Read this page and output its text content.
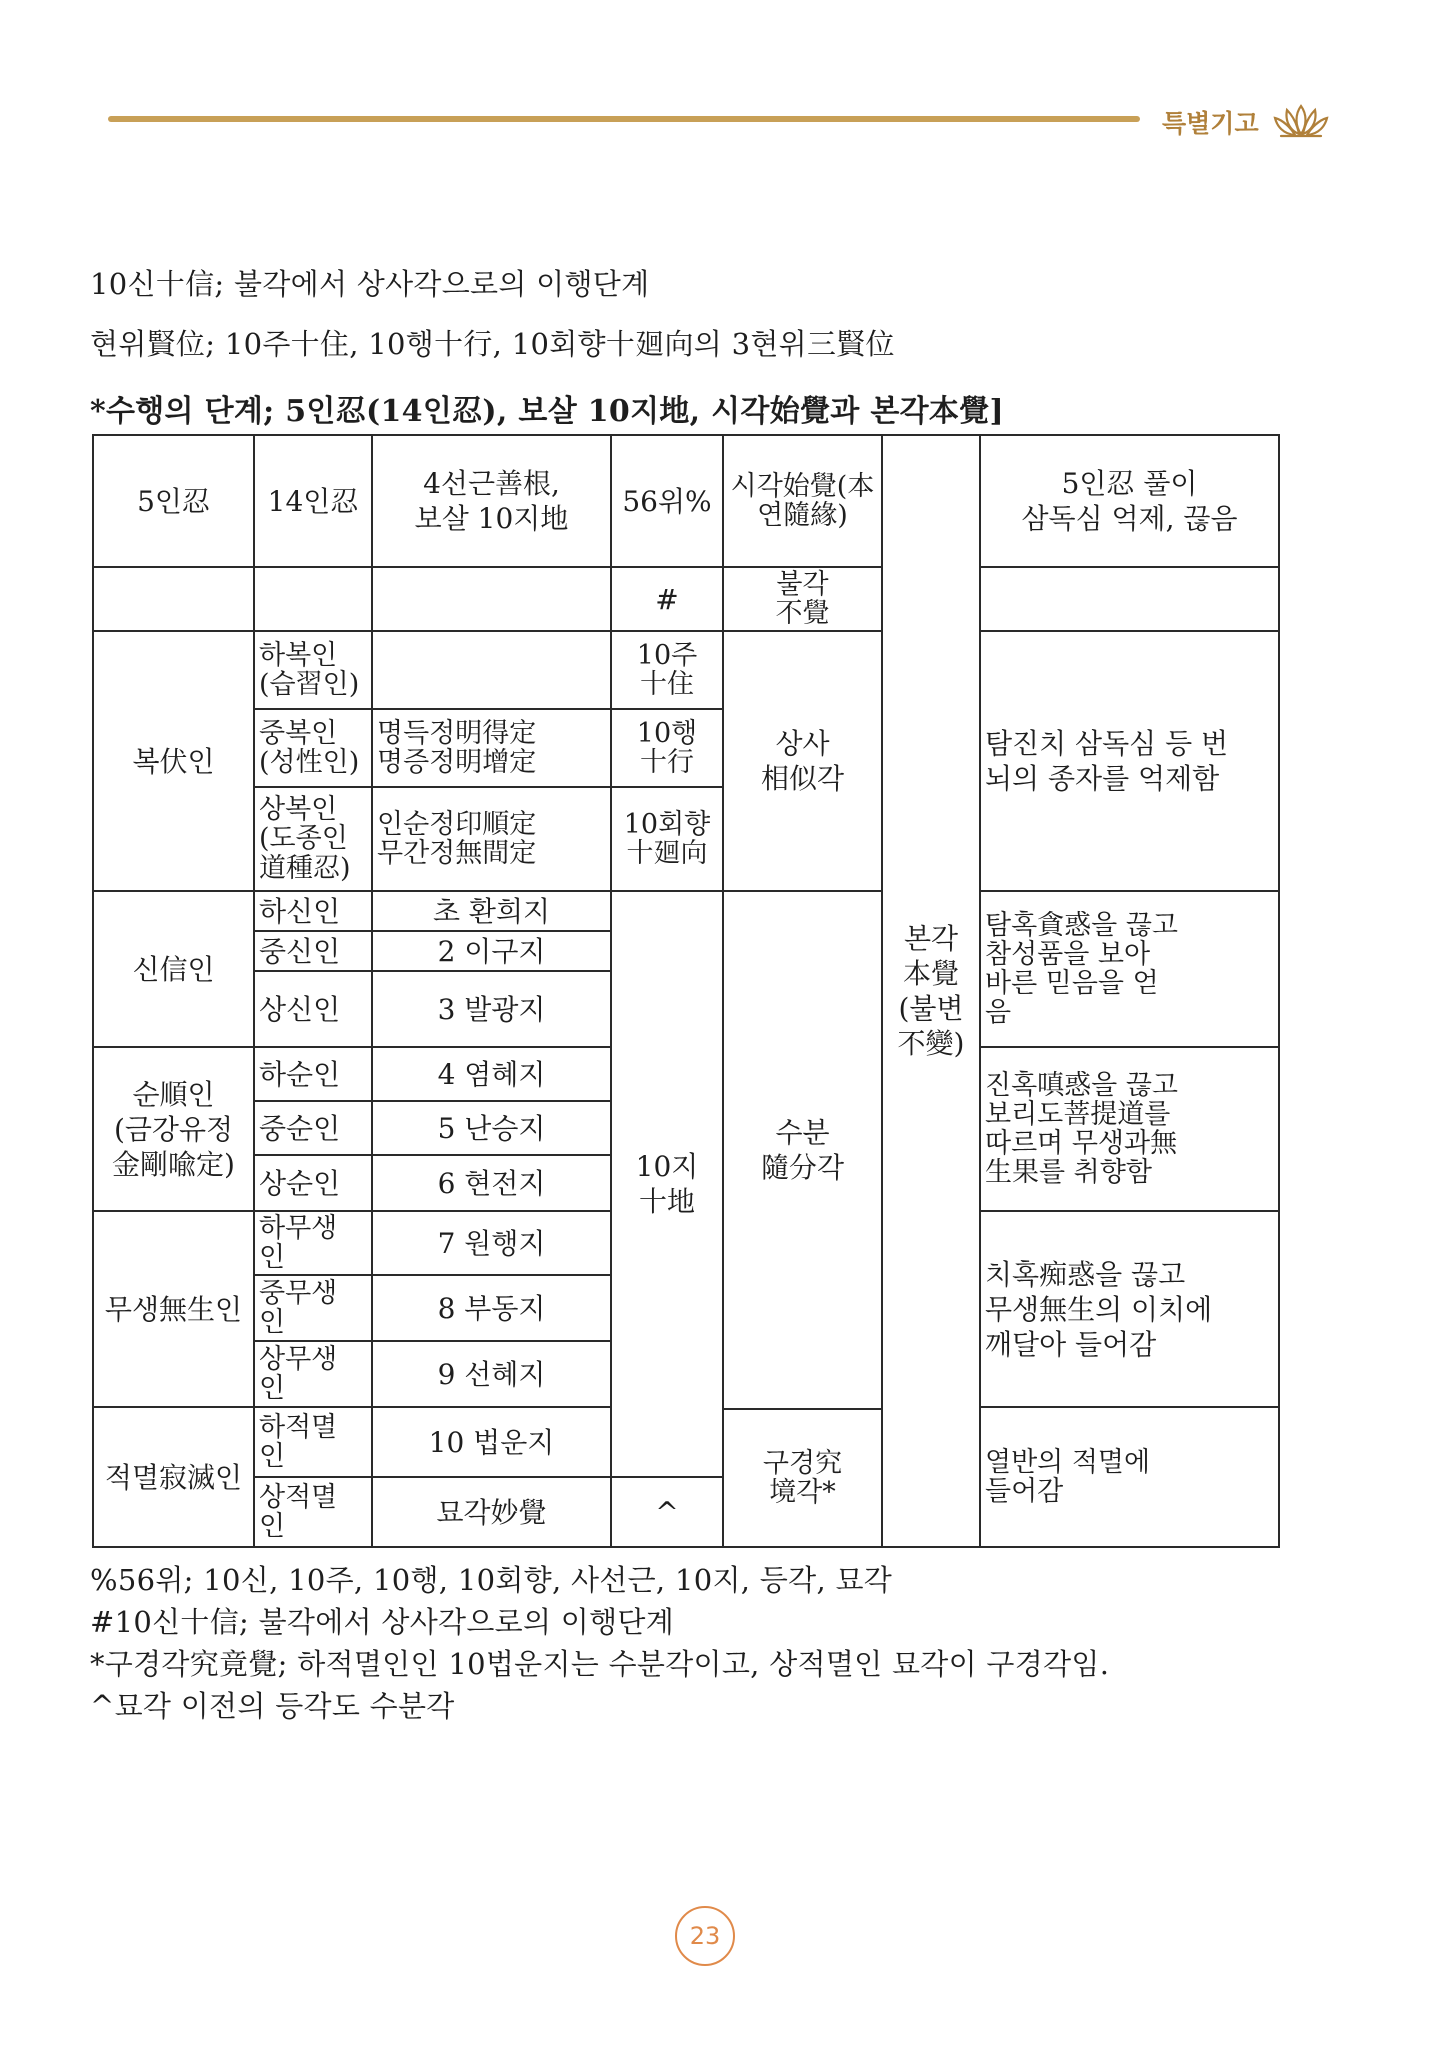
특별기고
10신十信; 불각에서 상사각으로의 이행단계
현위賢位; 10주十住, 10행十行, 10회향十廻向의 3현위三賢位
*수행의 단계; 5인忍(14인忍), 보살 10지地, 시각始覺과 본각本覺]
5인忍	14인忍
4선근善根,
보살 10지地
56위% 시각始覺(本
연隨緣)
5인忍 풀이
삼독심 억제, 끊음
#	불각
不覺
본각
本覺
(불변
不變)
복伏인
신信인
순順인
(금강유정
金剛喩定)
무생無生인
적멸寂滅인
하복인
(습習인)
중복인
(성性인)
상복인
(도종인
道種忍)
하신인
중신인
상신인
하순인
중순인
상순인
하무생
인
중무생
인
상무생
인
하적멸
인
상적멸
인
명득정明得定
명증정明增定
인순정印順定
무간정無間定
초 환희지
2 이구지
3 발광지
4 염혜지
5 난승지
6 현전지
7 원행지
8 부동지
9 선혜지
10 법운지
묘각妙覺
10주
十住
10행
十行
10회향
十廻向
10지
十地
^
상사
相似각
수분
隨分각
구경究
境각*
탐진치 삼독심 등 번
뇌의 종자를 억제함
탐혹貪惑을 끊고
참성품을 보아
바른 믿음을 얻
음
진혹嗔惑을 끊고
보리도菩提道를
따르며 무생과無
生果를 취향함
치혹痴惑을 끊고
무생無生의 이치에
깨달아 들어감
열반의 적멸에
들어감
%56위; 10신, 10주, 10행, 10회향, 사선근, 10지, 등각, 묘각
#10신十信; 불각에서 상사각으로의 이행단계
*구경각究竟覺; 하적멸인인 10법운지는 수분각이고, 상적멸인 묘각이 구경각임.
^묘각 이전의 등각도 수분각
23
